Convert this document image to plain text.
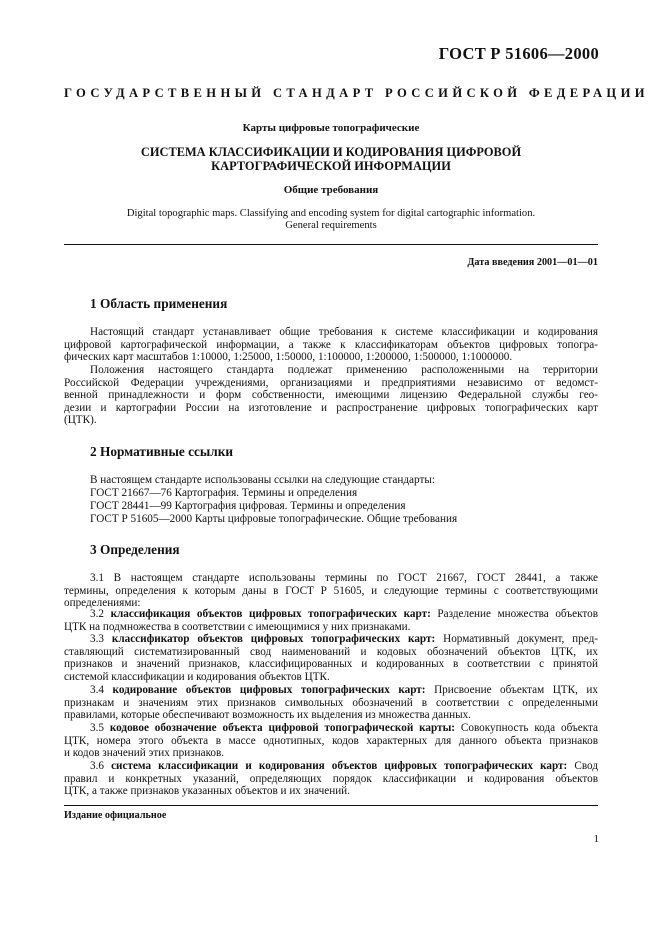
ГОСТ Р 51606—2000
ГОСУДАРСТВЕННЫЙ СТАНДАРТ РОССИЙСКОЙ ФЕДЕРАЦИИ
Карты цифровые топографические
СИСТЕМА КЛАССИФИКАЦИИ И КОДИРОВАНИЯ ЦИФРОВОЙ
КАРТОГРАФИЧЕСКОЙ ИНФОРМАЦИИ
Общие требования
Digital topographic maps. Classifying and encoding system for digital cartographic information.
General requirements
Дата введения 2001—01—01
1 Область применения
Настоящий стандарт устанавливает общие требования к системе классификации и кодирования
цифровой картографической информации, а также к классификаторам объектов цифровых топогра-
фических карт масштабов 1:10000, 1:25000, 1:50000, 1:100000, 1:200000, 1:500000, 1:1000000.
Положения настоящего стандарта подлежат применению расположенными на территории
Российской Федерации учреждениями, организациями и предприятиями независимо от ведомст-
венной принадлежности и форм собственности, имеющими лицензию Федеральной службы гео-
дезии и картографии России на изготовление и распространение цифровых топографических карт
(ЦТК).
2 Нормативные ссылки
В настоящем стандарте использованы ссылки на следующие стандарты:
ГОСТ 21667—76 Картография. Термины и определения
ГОСТ 28441—99 Картография цифровая. Термины и определения
ГОСТ Р 51605—2000 Карты цифровые топографические. Общие требования
3 Определения
3.1 В настоящем стандарте использованы термины по ГОСТ 21667, ГОСТ 28441, а также
термины, определения к которым даны в ГОСТ Р 51605, и следующие термины с соответствующими
определениями:
3.2 классификация объектов цифровых топографических карт: Разделение множества объектов
ЦТК на подмножества в соответствии с имеющимися у них признаками.
3.3 классификатор объектов цифровых топографических карт: Нормативный документ, пред-
ставляющий систематизированный свод наименований и кодовых обозначений объектов ЦТК, их
признаков и значений признаков, классифицированных и кодированных в соответствии с принятой
системой классификации и кодирования объектов ЦТК.
3.4 кодирование объектов цифровых топографических карт: Присвоение объектам ЦТК, их
признакам и значениям этих признаков символьных обозначений в соответствии с определенными
правилами, которые обеспечивают возможность их выделения из множества данных.
3.5 кодовое обозначение объекта цифровой топографической карты: Совокупность кода объекта
ЦТК, номера этого объекта в массе однотипных, кодов характерных для данного объекта признаков
и кодов значений этих признаков.
3.6 система классификации и кодирования объектов цифровых топографических карт: Свод
правил и конкретных указаний, определяющих порядок классификации и кодирования объектов
ЦТК, а также признаков указанных объектов и их значений.
Издание официальное
1
